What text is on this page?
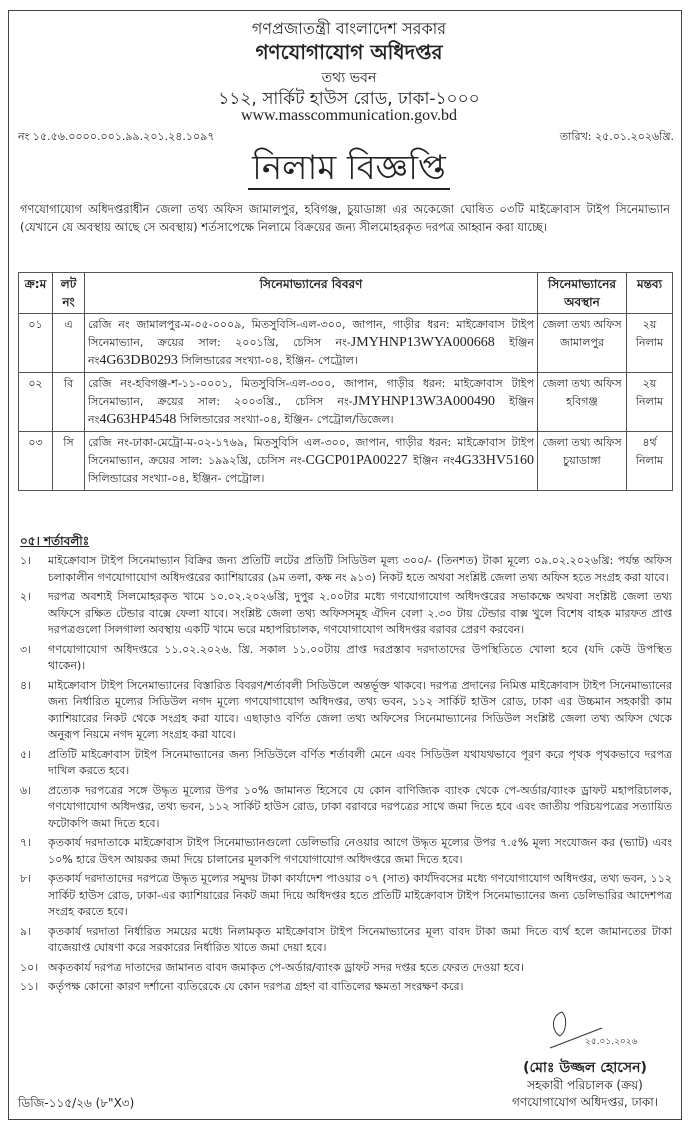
গণপ্রজাতন্ত্রী বাংলাদেশ সরকার
গণযোগাযোগ অধিদপ্তর
তথ্য ভবন
১১২, সার্কিট হাউস রোড, ঢাকা-১০০০
www.masscommunication.gov.bd
নং ১৫.৫৬.০০০০.০০১.৯৯.২০১.২৪.১০৯৭	তারিখ: ২৫.০১.২০২৬খ্রি.
নিলাম বিজ্ঞপ্তি
গণযোগাযোগ অধিদপ্তরাধীন জেলা তথ্য অফিস জামালপুর, হবিগঞ্জ, চুয়াডাঙ্গা এর অকেজো ঘোষিত ০৩টি মাইক্রোবাস টাইপ সিনেমাভ্যান (যেখানে যে অবস্থায় আছে সে অবস্থায়) শর্তসাপেক্ষে নিলামে বিক্রয়ের জন্য সীলমোহরকৃত দরপত্র আহ্বান করা যাচ্ছে।
ক্র:ম	লট নং	সিনেমাভ্যানের বিবরণ	সিনেমাভ্যানের অবস্থান	মন্তব্য
০১	এ	রেজি নং জামালপুর-ম-০৫-০০০৯, মিতসুবিসি-এল-৩০০, জাপান, গাড়ীর ধরন: মাইক্রোবাস টাইপ সিনেমাভ্যান, ক্রয়ের সাল: ২০০১খ্রি, চেসিস নং-JMYHNP13WYA000668 ইঞ্জিন নং4G63DB0293 সিলিন্ডারের সংখ্যা-০৪, ইঞ্জিন- পেট্রোল।	জেলা তথ্য অফিস জামালপুর	২য় নিলাম
০২	বি	রেজি নং-হবিগঞ্জ-শ-১১-০০০১, মিতসুবিসি-এল-৩০০, জাপান, গাড়ীর ধরন: মাইক্রোবাস টাইপ সিনেমাভ্যান, ক্রয়ের সাল: ২০০৩খ্রি., চেসিস নং-JMYHNP13W3A000490 ইঞ্জিন নং4G63HP4548 সিলিন্ডারের সংখ্যা-০৪, ইঞ্জিন- পেট্রোল/ডিজেল।	জেলা তথ্য অফিস হবিগঞ্জ	২য় নিলাম
০৩	সি	রেজি নং-ঢাকা-মেট্রো-ম-০২-১৭৬৯, মিতসুবিসি এল-৩০০, জাপান, গাড়ীর ধরন: মাইক্রোবাস টাইপ সিনেমাভ্যান, ক্রয়ের সাল: ১৯৯২খ্রি, চেসিস নং-CGCP01PA00227 ইঞ্জিন নং4G33HV5160 সিলিন্ডারের সংখ্যা-০৪, ইঞ্জিন- পেট্রোল।	জেলা তথ্য অফিস চুয়াডাঙ্গা	৪র্থ নিলাম
০৫। শর্তাবলীঃ
১।	মাইক্রোবাস টাইপ সিনেমাভ্যান বিক্রির জন্য প্রতিটি লটের প্রতিটি সিডিউল মূল্য ৩০০/- (তিনশত) টাকা মূল্যে ০৯.০২.২০২৬খ্রি: পর্যন্ত অফিস চলাকালীন গণযোগাযোগ অধিদপ্তরের ক্যাশিয়ারের (৯ম তলা, কক্ষ নং ৯১৩) নিকট হতে অথবা সংশ্লিষ্ট জেলা তথ্য অফিস হতে সংগ্রহ করা যাবে।
২।	দরপত্র অবশ্যই সিলমোহরকৃত খামে ১০.০২.২০২৬খ্রি, দুপুর ২.০০টার মধ্যে গণযোগাযোগ অধিদপ্তরের সভাকক্ষে অথবা সংশ্লিষ্ট জেলা তথ্য অফিসে রক্ষিত টেন্ডার বাক্সে ফেলা যাবে। সংশ্লিষ্ট জেলা তথ্য অফিসসমূহ ঐদিন বেলা ২.৩০ টায় টেন্ডার বাক্স খুলে বিশেষ বাহক মারফত প্রাপ্ত দরপত্রগুলো সিলগালা অবস্থায় একটি খামে ভরে মহাপরিচালক, গণযোগাযোগ অধিদপ্তর বরাবর প্রেরণ করবেন।
৩।	গণযোগাযোগ অধিদপ্তরে ১১.০২.২০২৬. খ্রি. সকাল ১১.০০টায় প্রাপ্ত দরপ্রস্তাব দরদাতাদের উপস্থিতিতে খোলা হবে (যদি কেউ উপস্থিত থাকেন)।
৪।	মাইক্রোবাস টাইপ সিনেমাভ্যানের বিস্তারিত বিবরণ/শর্তাবলী সিডিউলে অন্তর্ভূক্ত থাকবে। দরপত্র প্রদানের নিমিত্ত মাইক্রোবাস টাইপ সিনেমাভ্যানের জন্য নির্ধারিত মূল্যের সিডিউল নগদ মূল্যে গণযোগাযোগ অধিদপ্তর, তথ্য ভবন, ১১২ সার্কিট হাউস রোড, ঢাকা এর উচ্চমান সহকারী কাম ক্যাশিয়ারের নিকট থেকে সংগ্রহ করা যাবে। এছাড়াও বর্ণিত জেলা তথ্য অফিসের সিনেমাভ্যানের সিডিউল সংশ্লিষ্ট জেলা তথ্য অফিস থেকে অনুরূপ নিয়মে নগদ মূল্যে সংগ্রহ করা যাবে।
৫।	প্রতিটি মাইক্রোবাস টাইপ সিনেমাভ্যানের জন্য সিডিউলে বর্ণিত শর্তাবলী মেনে এবং সিডিউল যথাযথভাবে পূরণ করে পৃথক পৃথকভাবে দরপত্র দাখিল করতে হবে।
৬।	প্রত্যেক দরপত্রের সঙ্গে উদ্ধৃত মূল্যের উপর ১০% জামানত হিসেবে যে কোন বাণিজ্যিক ব্যাংক থেকে পে-অর্ডার/ব্যাংক ড্রাফট মহাপরিচালক, গণযোগাযোগ অধিদপ্তর, তথ্য ভবন, ১১২ সার্কিট হাউস রোড, ঢাকা বরাবরে দরপত্রের সাথে জমা দিতে হবে এবং জাতীয় পরিচয়পত্রের সত্যায়িত ফটোকপি জমা দিতে হবে।
৭।	কৃতকার্য দরদাতাকে মাইক্রোবাস টাইপ সিনেমাভ্যানগুলো ডেলিভারি নেওয়ার আগে উদ্ধৃত মূল্যের উপর ৭.৫% মূল্য সংযোজন কর (ভ্যাট) এবং ১০% হারে উৎস আয়কর জমা দিয়ে চালানের মূলকপি গণযোগাযোগ অধিদপ্তরে জমা দিতে হবে।
৮।	কৃতকার্য দরদাতাদের দরপত্রে উদ্ধৃত মূল্যের সমুদয় টাকা কার্যাদেশ পাওয়ার ০৭ (সাত) কার্যদিবসের মধ্যে গণযোগাযোগ অধিদপ্তর, তথ্য ভবন, ১১২ সার্কিট হাউস রোড, ঢাকা-এর ক্যাশিয়ারের নিকট জমা দিয়ে অধিদপ্তর হতে প্রতিটি মাইক্রোবাস টাইপ সিনেমাভ্যানের জন্য ডেলিভারির আদেশপত্র সংগ্রহ করতে হবে।
৯।	কৃতকার্য দরদাতা নির্ধারিত সময়ের মধ্যে নিলামকৃত মাইক্রোবাস টাইপ সিনেমাভ্যানের মূল্য বাবদ টাকা জমা দিতে ব্যর্থ হলে জামানতের টাকা বাজেয়াপ্ত ঘোষণা করে সরকারের নির্ধারিত খাতে জমা দেয়া হবে।
১০। অকৃতকার্য দরপত্র দাতাদের জামানত বাবদ জমাকৃত পে-অর্ডার/ব্যাংক ড্রাফট সদর দপ্তর হতে ফেরত দেওয়া হবে।
১১। কর্তৃপক্ষ কোনো কারণ দর্শানো ব্যতিরেকে যে কোন দরপত্র গ্রহণ বা বাতিলের ক্ষমতা সংরক্ষণ করে।
২৫.০১.২০২৬
(মোঃ উজ্জল হোসেন)
সহকারী পরিচালক (ক্রয়)
গণযোগাযোগ অধিদপ্তর, ঢাকা।
ডিজি-১১৫/২৬ (৮"X৩)
